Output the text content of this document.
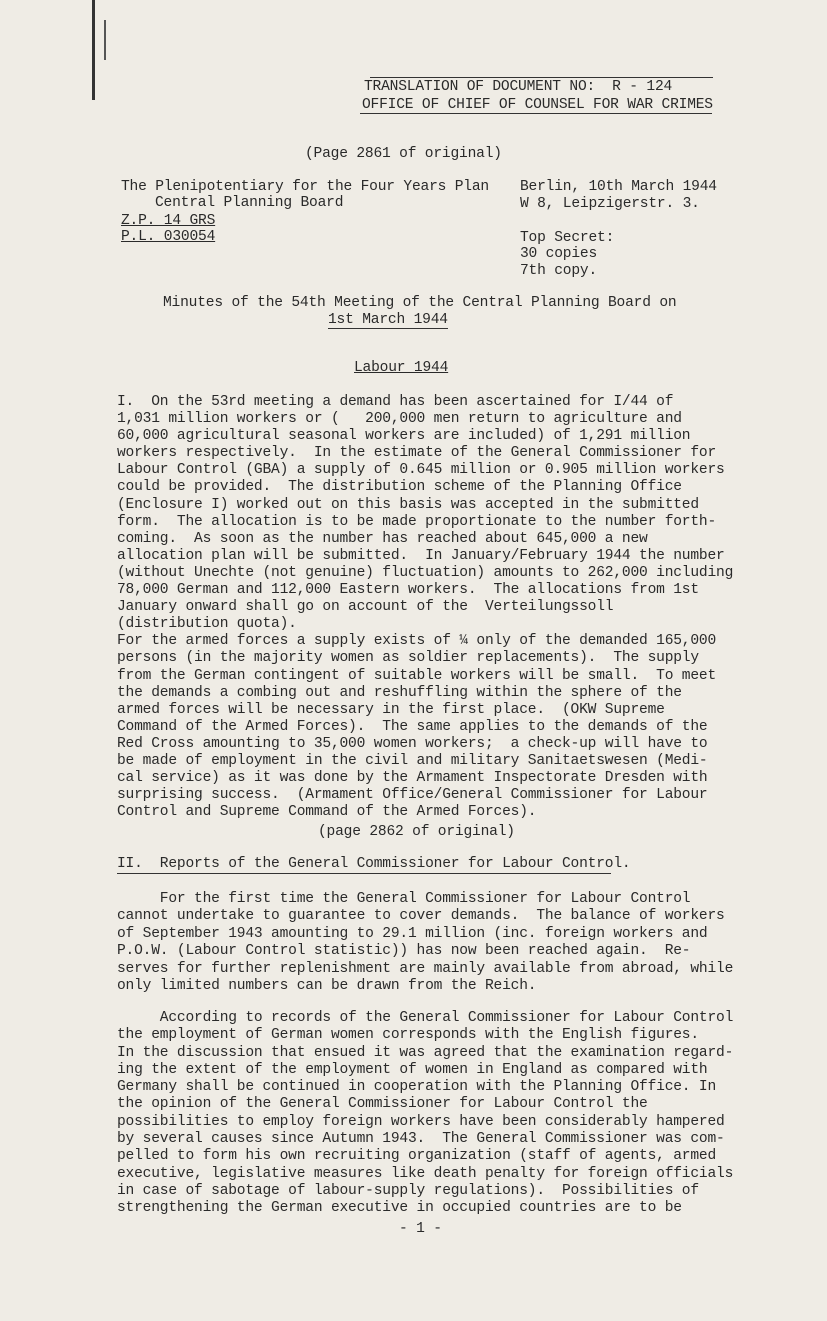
TRANSLATION OF DOCUMENT NO:  R - 124
OFFICE OF CHIEF OF COUNSEL FOR WAR CRIMES
(Page 2861 of original)
The Plenipotentiary for the Four Years Plan
Central Planning Board
Z.P. 14 GRS
P.L. 030054
Berlin, 10th March 1944
W 8, Leipzigerstr. 3.
Top Secret:
30 copies
7th copy.
Minutes of the 54th Meeting of the Central Planning Board on
1st March 1944
Labour 1944
I.  On the 53rd meeting a demand has been ascertained for I/44 of
1,031 million workers or (   200,000 men return to agriculture and
60,000 agricultural seasonal workers are included) of 1,291 million
workers respectively.  In the estimate of the General Commissioner for
Labour Control (GBA) a supply of 0.645 million or 0.905 million workers
could be provided.  The distribution scheme of the Planning Office
(Enclosure I) worked out on this basis was accepted in the submitted
form.  The allocation is to be made proportionate to the number forth-
coming.  As soon as the number has reached about 645,000 a new
allocation plan will be submitted.  In January/February 1944 the number
(without Unechte (not genuine) fluctuation) amounts to 262,000 including
78,000 German and 112,000 Eastern workers.  The allocations from 1st
January onward shall go on account of the  Verteilungssoll
(distribution quota).
For the armed forces a supply exists of ¼ only of the demanded 165,000
persons (in the majority women as soldier replacements).  The supply
from the German contingent of suitable workers will be small.  To meet
the demands a combing out and reshuffling within the sphere of the
armed forces will be necessary in the first place.  (OKW Supreme
Command of the Armed Forces).  The same applies to the demands of the
Red Cross amounting to 35,000 women workers;  a check-up will have to
be made of employment in the civil and military Sanitaetswesen (Medi-
cal service) as it was done by the Armament Inspectorate Dresden with
surprising success.  (Armament Office/General Commissioner for Labour
Control and Supreme Command of the Armed Forces).
(page 2862 of original)
II.  Reports of the General Commissioner for Labour Control.
For the first time the General Commissioner for Labour Control
cannot undertake to guarantee to cover demands.  The balance of workers
of September 1943 amounting to 29.1 million (inc. foreign workers and
P.O.W. (Labour Control statistic)) has now been reached again.  Re-
serves for further replenishment are mainly available from abroad, while
only limited numbers can be drawn from the Reich.
According to records of the General Commissioner for Labour Control
the employment of German women corresponds with the English figures.
In the discussion that ensued it was agreed that the examination regard-
ing the extent of the employment of women in England as compared with
Germany shall be continued in cooperation with the Planning Office. In
the opinion of the General Commissioner for Labour Control the
possibilities to employ foreign workers have been considerably hampered
by several causes since Autumn 1943.  The General Commissioner was com-
pelled to form his own recruiting organization (staff of agents, armed
executive, legislative measures like death penalty for foreign officials
in case of sabotage of labour-supply regulations).  Possibilities of
strengthening the German executive in occupied countries are to be
- 1 -
